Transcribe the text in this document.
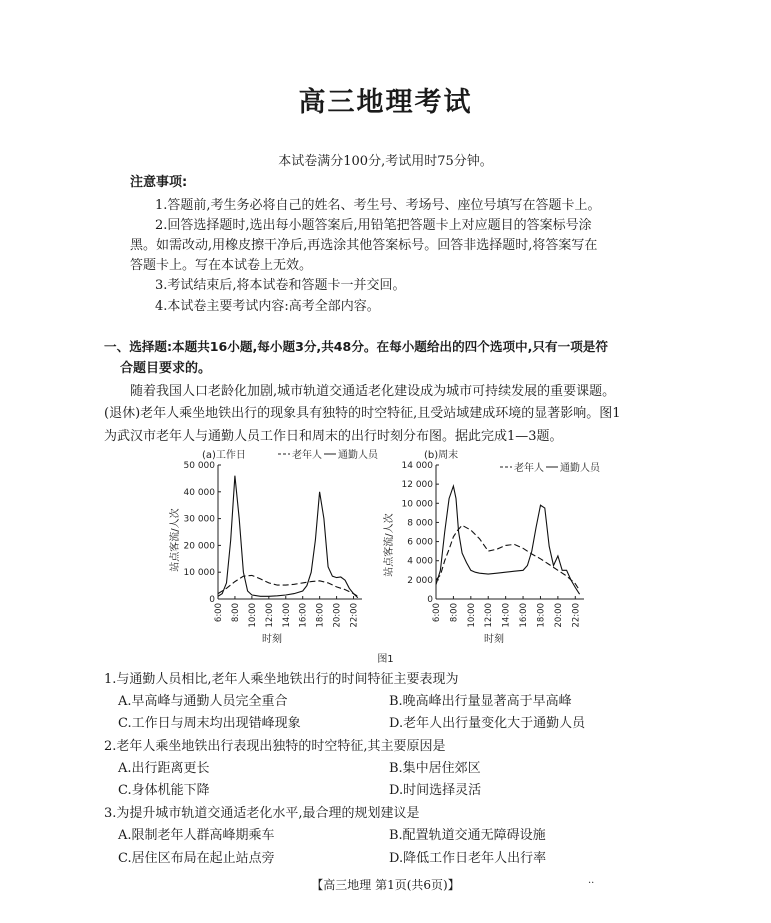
高三地理考试
本试卷满分100分,考试用时75分钟。
注意事项:
1.答题前,考生务必将自己的姓名、考生号、考场号、座位号填写在答题卡上。
2.回答选择题时,选出每小题答案后,用铅笔把答题卡上对应题目的答案标号涂
黑。如需改动,用橡皮擦干净后,再选涂其他答案标号。回答非选择题时,将答案写在
答题卡上。写在本试卷上无效。
3.考试结束后,将本试卷和答题卡一并交回。
4.本试卷主要考试内容:高考全部内容。
一、选择题:本题共16小题,每小题3分,共48分。在每小题给出的四个选项中,只有一项是符
合题目要求的。
随着我国人口老龄化加剧,城市轨道交通适老化建设成为城市可持续发展的重要课题。
(退休)老年人乘坐地铁出行的现象具有独特的时空特征,且受站域建成环境的显著影响。图1
为武汉市老年人与通勤人员工作日和周末的出行时刻分布图。据此完成1—3题。
(a)工作日	老年人 通勤人员
站点客流/人次
时刻
0
10 000
20 000
30 000
40 000
50 000
6:00 8:00 10:00 12:00 14:00 16:00 18:00 20:00 22:00
(b)周末
老年人 通勤人员
站点客流/人次
时刻
0
2 000
4 000
6 000
8 000
10 000
12 000
14 000
6:00 8:00 10:00 12:00 14:00 16:00 18:00 20:00 22:00
图1
1.与通勤人员相比,老年人乘坐地铁出行的时间特征主要表现为
A.早高峰与通勤人员完全重合	B.晚高峰出行量显著高于早高峰
C.工作日与周末均出现错峰现象	D.老年人出行量变化大于通勤人员
2.老年人乘坐地铁出行表现出独特的时空特征,其主要原因是
A.出行距离更长	B.集中居住郊区
C.身体机能下降	D.时间选择灵活
3.为提升城市轨道交通适老化水平,最合理的规划建议是
A.限制老年人群高峰期乘车	B.配置轨道交通无障碍设施
C.居住区布局在起止站点旁	D.降低工作日老年人出行率
【高三地理 第1页(共6页)】	··
